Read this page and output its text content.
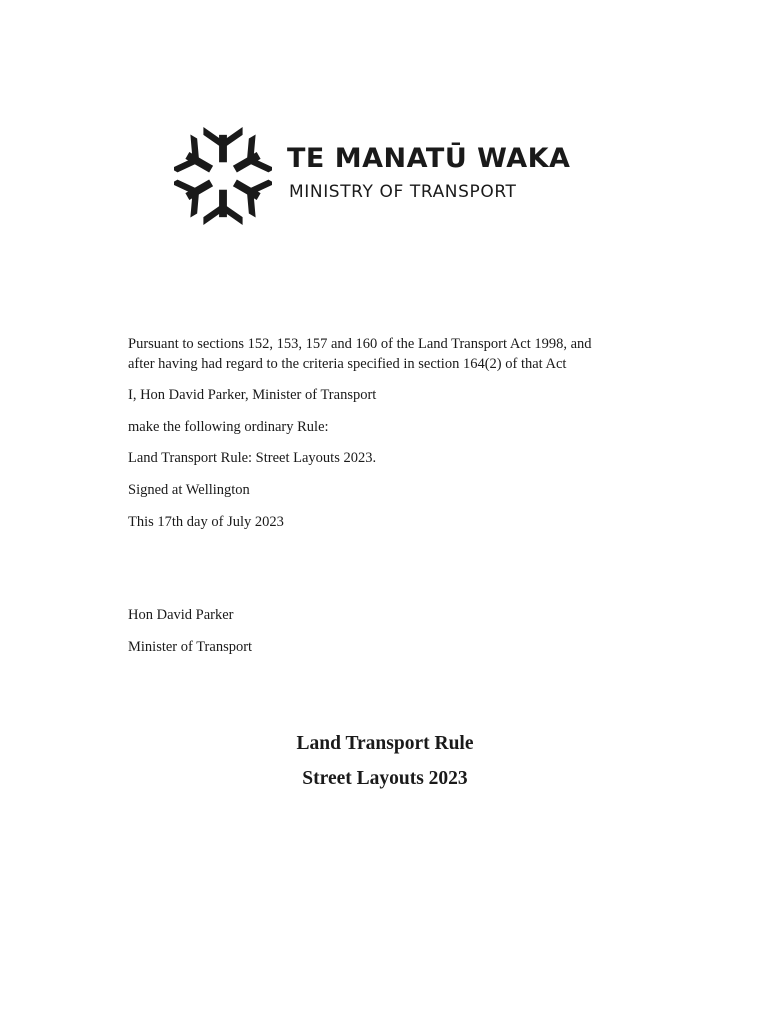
TE MANATŪ WAKA
MINISTRY OF TRANSPORT
Pursuant to sections 152, 153, 157 and 160 of the Land Transport Act 1998, and
after having had regard to the criteria specified in section 164(2) of that Act
I, Hon David Parker, Minister of Transport
make the following ordinary Rule:
Land Transport Rule: Street Layouts 2023.
Signed at Wellington
This 17th day of July 2023
Hon David Parker
Minister of Transport
Land Transport Rule
Street Layouts 2023
